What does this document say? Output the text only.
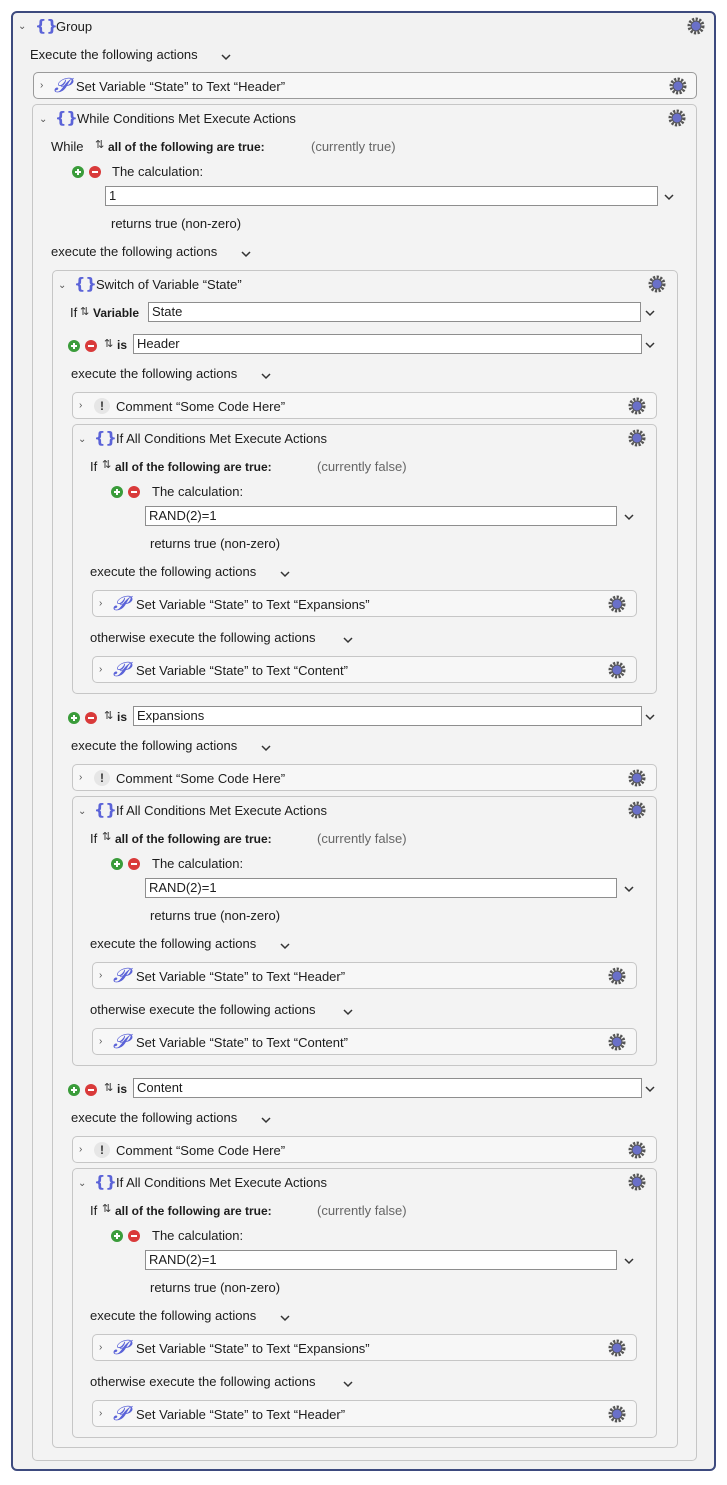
⌄ {}
Group
Execute the following actions
› 𝓟 Set Variable “State” to Text “Header”
⌄ {} While Conditions Met Execute Actions
While ⇅ all of the following are true:	(currently true)
The calculation:
1
returns true (non-zero)
execute the following actions
⌄ {} Switch of Variable “State”
If ⇅ Variable State
⇅ is Header
execute the following actions
›	! Comment “Some Code Here”
⌄ {} If All Conditions Met Execute Actions
If ⇅ all of the following are true:	(currently false)
The calculation:
RAND(2)=1
returns true (non-zero)
execute the following actions
› 𝓟 Set Variable “State” to Text “Expansions”
otherwise execute the following actions
› 𝓟 Set Variable “State” to Text “Content”
⇅ is Expansions
execute the following actions
›	! Comment “Some Code Here”
⌄ {} If All Conditions Met Execute Actions
If ⇅ all of the following are true:	(currently false)
The calculation:
RAND(2)=1
returns true (non-zero)
execute the following actions
› 𝓟 Set Variable “State” to Text “Header”
otherwise execute the following actions
› 𝓟 Set Variable “State” to Text “Content”
⇅ is Content
execute the following actions
›	! Comment “Some Code Here”
⌄ {} If All Conditions Met Execute Actions
If ⇅ all of the following are true:	(currently false)
The calculation:
RAND(2)=1
returns true (non-zero)
execute the following actions
› 𝓟 Set Variable “State” to Text “Expansions”
otherwise execute the following actions
› 𝓟 Set Variable “State” to Text “Header”
